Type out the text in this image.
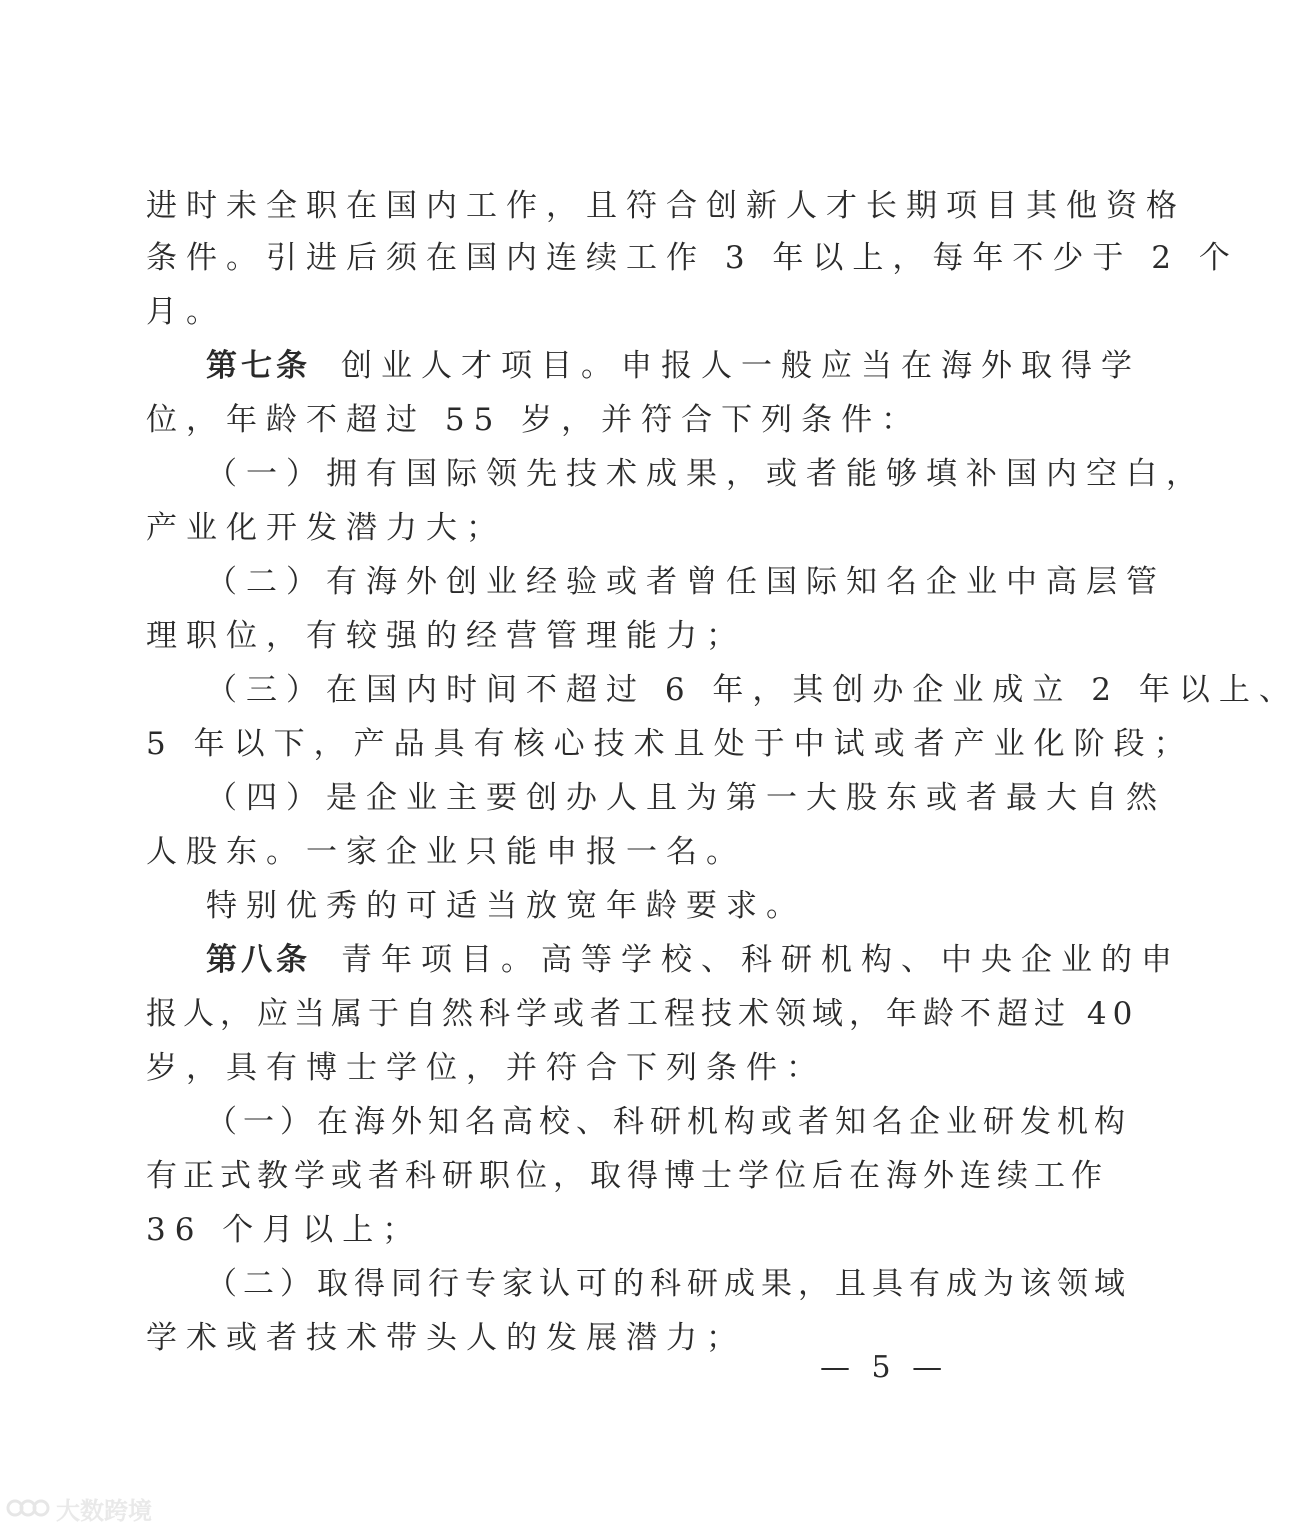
进时未全职在国内工作，且符合创新人才长期项目其他资格
条件。引进后须在国内连续工作 3 年以上，每年不少于 2 个
月。
第七条 创业人才项目。申报人一般应当在海外取得学
位，年龄不超过 55 岁，并符合下列条件：
（一）拥有国际领先技术成果，或者能够填补国内空白，
产业化开发潜力大；
（二）有海外创业经验或者曾任国际知名企业中高层管
理职位，有较强的经营管理能力；
（三）在国内时间不超过 6 年，其创办企业成立 2 年以上、
5 年以下，产品具有核心技术且处于中试或者产业化阶段；
（四）是企业主要创办人且为第一大股东或者最大自然
人股东。一家企业只能申报一名。
特别优秀的可适当放宽年龄要求。
第八条 青年项目。高等学校、科研机构、中央企业的申
报人，应当属于自然科学或者工程技术领域，年龄不超过 40
岁，具有博士学位，并符合下列条件：
（一）在海外知名高校、科研机构或者知名企业研发机构
有正式教学或者科研职位，取得博士学位后在海外连续工作
36 个月以上；
（二）取得同行专家认可的科研成果，且具有成为该领域
学术或者技术带头人的发展潜力；
— 5 —
大数跨境
